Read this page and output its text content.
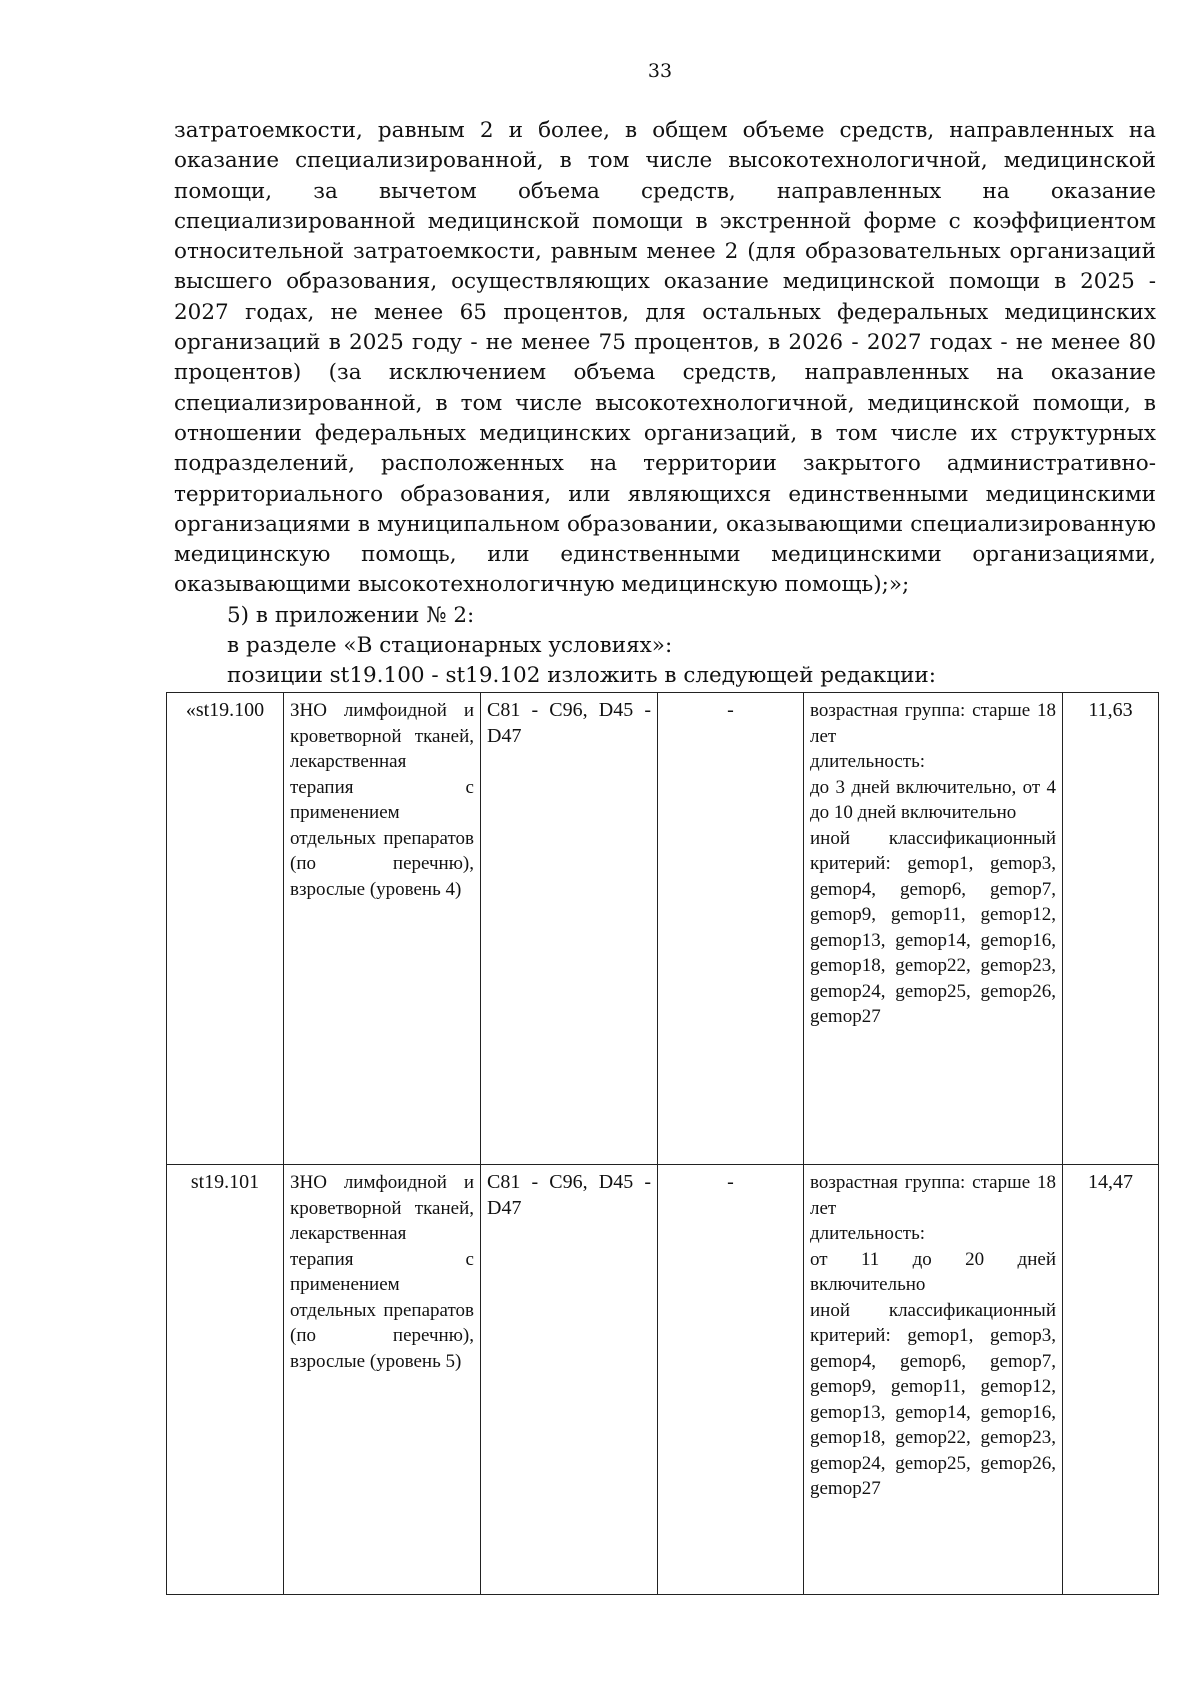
33

затратоемкости, равным 2 и более, в общем объеме средств, направленных на оказание специализированной, в том числе высокотехнологичной, медицинской помощи, за вычетом объема средств, направленных на оказание специализированной медицинской помощи в экстренной форме с коэффициентом относительной затратоемкости, равным менее 2 (для образовательных организаций высшего образования, осуществляющих оказание медицинской помощи в 2025 - 2027 годах, не менее 65 процентов, для остальных федеральных медицинских организаций в 2025 году - не менее 75 процентов, в 2026 - 2027 годах - не менее 80 процентов) (за исключением объема средств, направленных на оказание специализированной, в том числе высокотехнологичной, медицинской помощи, в отношении федеральных медицинских организаций, в том числе их структурных подразделений, расположенных на территории закрытого административно-территориального образования, или являющихся единственными медицинскими организациями в муниципальном образовании, оказывающими специализированную медицинскую помощь, или единственными медицинскими организациями, оказывающими высокотехнологичную медицинскую помощь);»;

5) в приложении № 2:

в разделе «В стационарных условиях»:

позиции st19.100 - st19.102 изложить в следующей редакции:

«st19.100	ЗНО лимфоидной и кроветворной тканей, лекарственная терапия с применением отдельных препаратов (по перечню), взрослые (уровень 4)	C81 - C96, D45 - D47	-	возрастная группа: старше 18 лет
длительность:
до 3 дней включительно, от 4 до 10 дней включительно
иной классификационный критерий: gemop1, gemop3, gemop4, gemop6, gemop7, gemop9, gemop11, gemop12, gemop13, gemop14, gemop16, gemop18, gemop22, gemop23, gemop24, gemop25, gemop26, gemop27	11,63
st19.101	ЗНО лимфоидной и кроветворной тканей, лекарственная терапия с применением отдельных препаратов (по перечню), взрослые (уровень 5)	C81 - C96, D45 - D47	-	возрастная группа: старше 18 лет
длительность:
от 11 до 20 дней включительно
иной классификационный критерий: gemop1, gemop3, gemop4, gemop6, gemop7, gemop9, gemop11, gemop12, gemop13, gemop14, gemop16, gemop18, gemop22, gemop23, gemop24, gemop25, gemop26, gemop27	14,47
